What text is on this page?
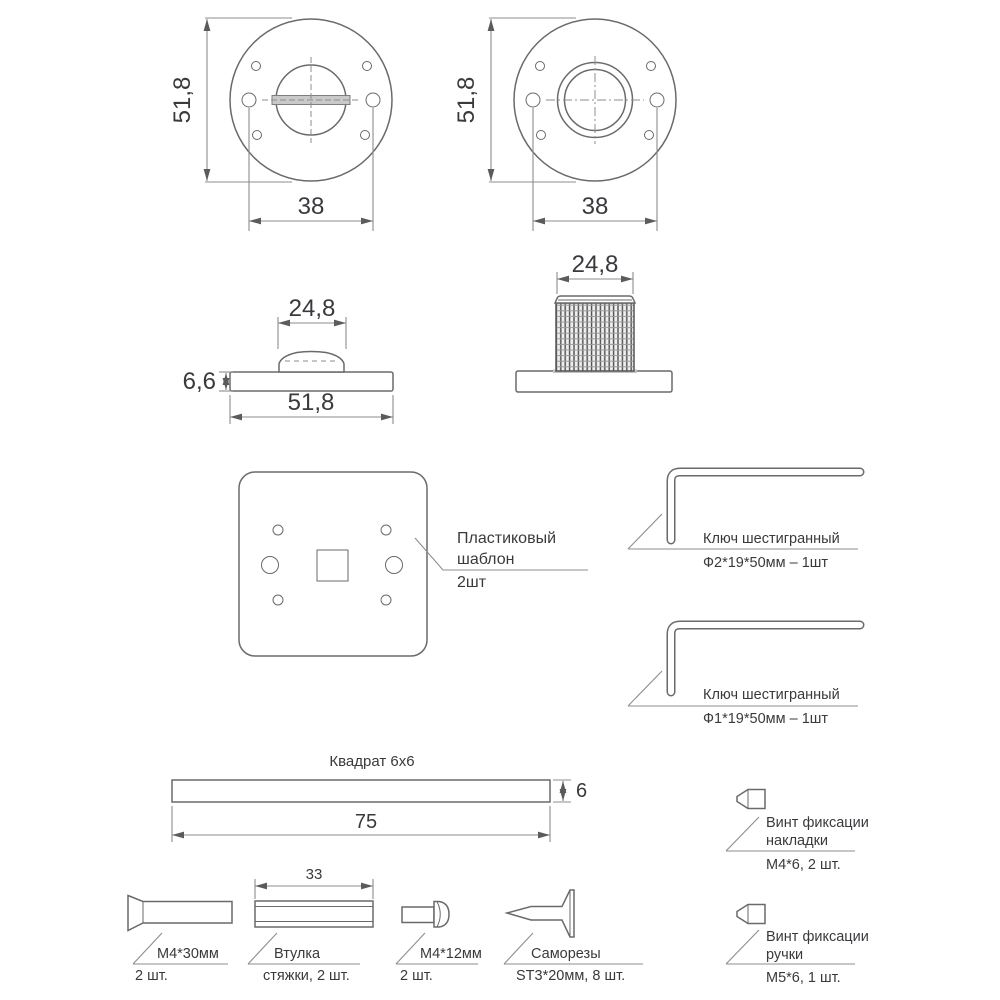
51,8
38
51,8
38
24,8
6,6
51,8
24,8
Пластиковый
шаблон
2шт
Ключ шестигранный
Ф2*19*50мм – 1шт
Ключ шестигранный
Ф1*19*50мм – 1шт
Квадрат 6x6
6
75
М4*30мм
2 шт.
33
Втулка
стяжки, 2 шт.
М4*12мм
2 шт.
Саморезы
ST3*20мм, 8 шт.
Винт фиксации
накладки
М4*6, 2 шт.
Винт фиксации
ручки
М5*6, 1 шт.
